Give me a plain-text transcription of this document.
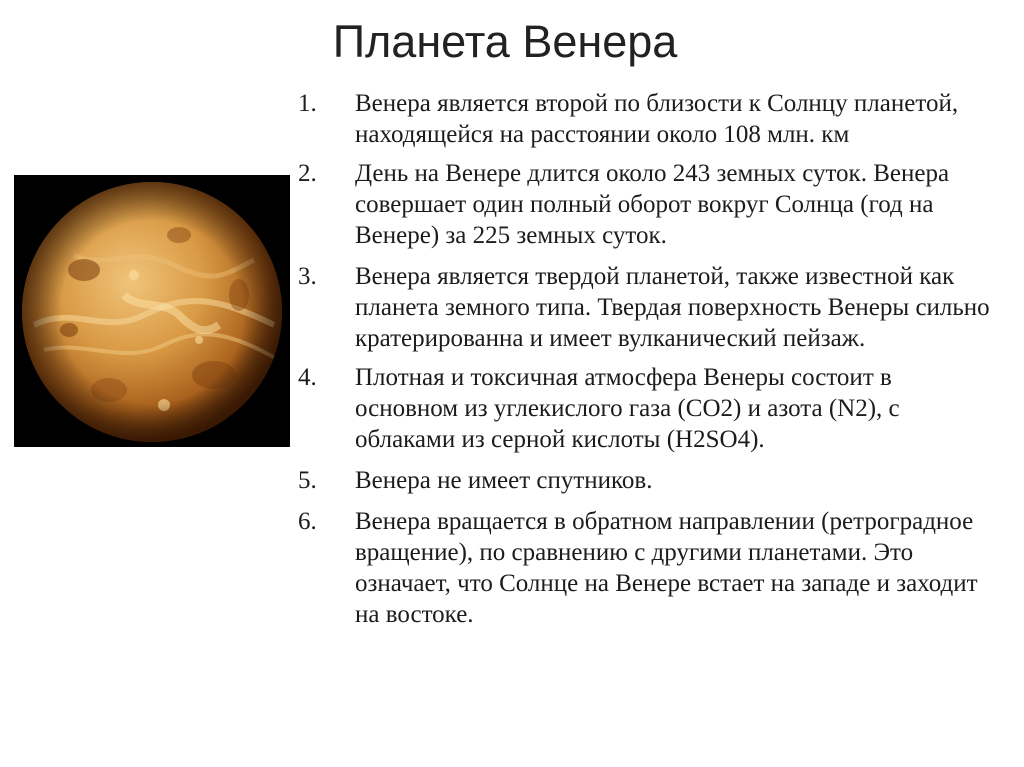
Планета Венера
1.	Венера является второй по близости к Солнцу планетой, находящейся на расстоянии около 108 млн. км
2.	День на Венере длится около 243 земных суток. Венера совершает один полный оборот вокруг Солнца (год на Венере) за 225 земных суток.
3.	Венера является твердой планетой, также известной как планета земного типа. Твердая поверхность Венеры сильно кратерированна и имеет вулканический пейзаж.
4.	Плотная и токсичная атмосфера Венеры состоит в основном из углекислого газа (CO2) и азота (N2), с облаками из серной кислоты (H2SO4).
5.	Венера не имеет спутников.
6.	Венера вращается в обратном направлении (ретроградное вращение), по сравнению с другими планетами. Это означает, что Солнце на Венере встает на западе и заходит на востоке.
